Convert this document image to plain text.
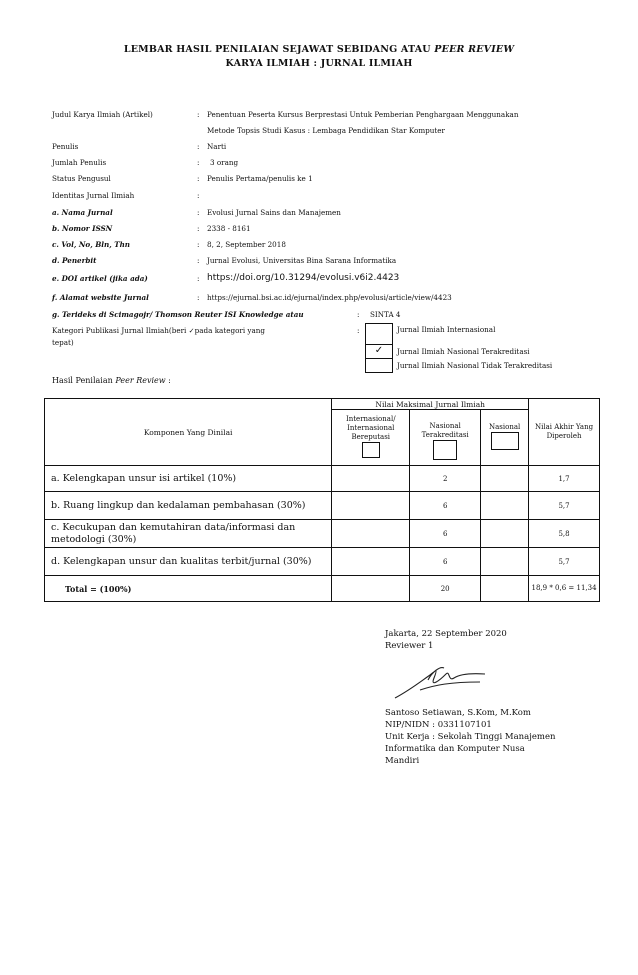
LEMBAR HASIL PENILAIAN SEJAWAT SEBIDANG ATAU PEER REVIEW
KARYA ILMIAH : JURNAL ILMIAH
Judul Karya Ilmiah (Artikel)	: Penentuan Peserta Kursus Berprestasi Untuk Pemberian Penghargaan Menggunakan
Metode Topsis Studi Kasus : Lembaga Pendidikan Star Komputer
Penulis	: Narti
Jumlah Penulis	: 3 orang
Status Pengusul	: Penulis Pertama/penulis ke 1
Identitas Jurnal Ilmiah	:
a. Nama Jurnal	: Evolusi Jurnal Sains dan Manajemen
b. Nomor ISSN	: 2338 - 8161
c. Vol, No, Bln, Thn	: 8, 2, September 2018
d. Penerbit	: Jurnal Evolusi, Universitas Bina Sarana Informatika
e. DOI artikel (jika ada)	: https://doi.org/10.31294/evolusi.v6i2.4423
f. Alamat website Jurnal	: https://ejurnal.bsi.ac.id/ejurnal/index.php/evolusi/article/view/4423
g. Terideks di Scimagojr/ Thomson Reuter ISI Knowledge atau	: SINTA 4
Kategori Publikasi Jurnal Ilmiah(beri ✓pada kategori yang	:
tepat)
✓
Jurnal Ilmiah Internasional
Jurnal Ilmiah Nasional Terakreditasi
Jurnal Ilmiah Nasional Tidak Terakreditasi
Hasil Penilaian Peer Review :
Komponen Yang Dinilai	Nilai Maksimal Jurnal Ilmiah			Nilai Akhir Yang Diperoleh

	Internasional/ Internasional Bereputasi	Nasional Terakreditasi	Nasional	

a. Kelengkapan unsur isi artikel (10%)		2		1,7
b. Ruang lingkup dan kedalaman pembahasan (30%)		6		5,7
c. Kecukupan dan kemutahiran data/informasi dan metodologi (30%)		6		5,8
d. Kelengkapan unsur dan kualitas terbit/jurnal (30%)		6		5,7
Total = (100%)		20		18,9 * 0,6 = 11,34
Jakarta, 22 September 2020
Reviewer 1
Santoso Setiawan, S.Kom, M.Kom
NIP/NIDN : 0331107101
Unit Kerja : Sekolah Tinggi Manajemen
Informatika dan Komputer Nusa
Mandiri
